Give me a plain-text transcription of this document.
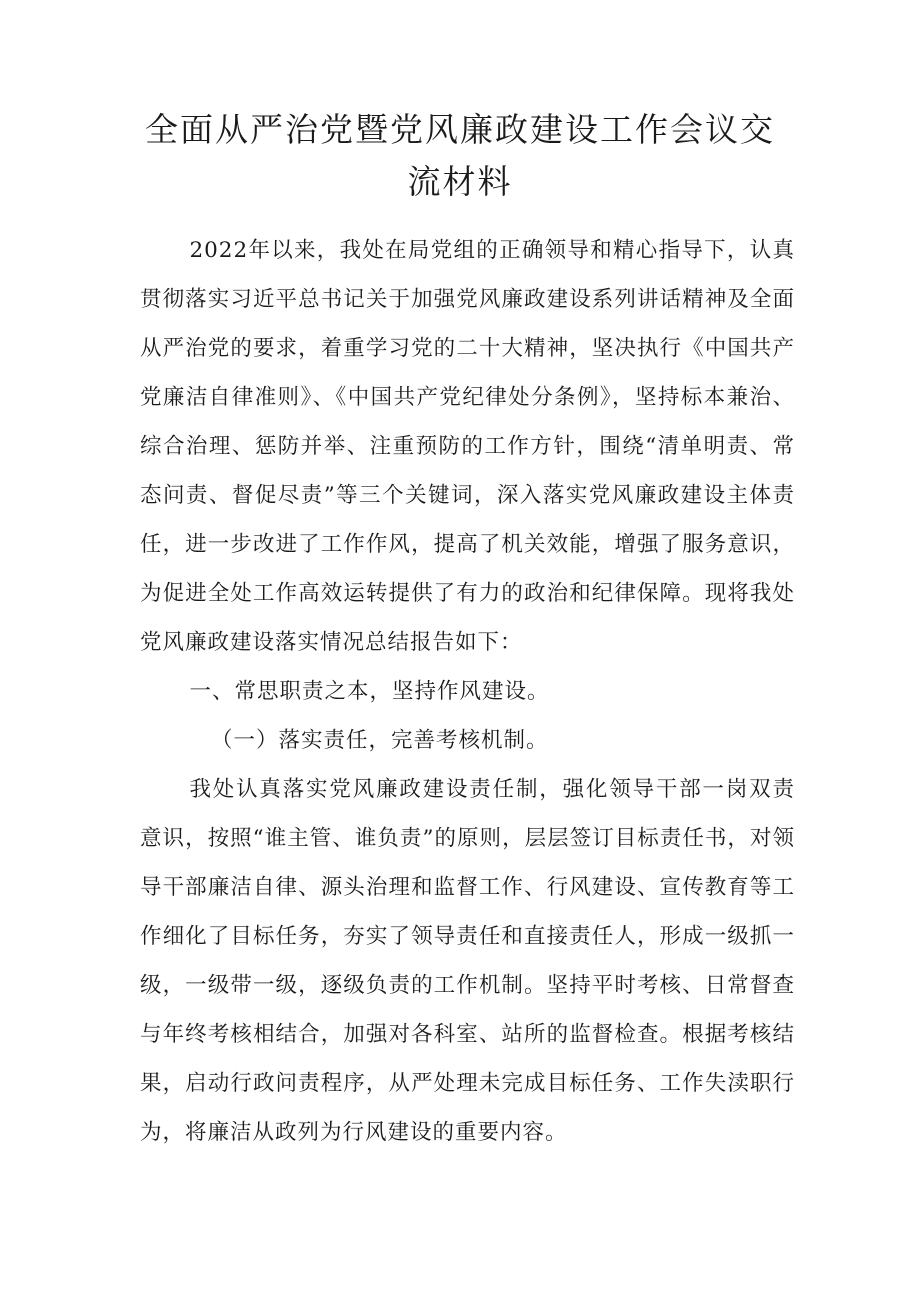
全面从严治党暨党风廉政建设工作会议交流材料

2022年以来，我处在局党组的正确领导和精心指导下，认真贯彻落实习近平总书记关于加强党风廉政建设系列讲话精神及全面从严治党的要求，着重学习党的二十大精神，坚决执行《中国共产党廉洁自律准则》、《中国共产党纪律处分条例》，坚持标本兼治、综合治理、惩防并举、注重预防的工作方针，围绕“清单明责、常态问责、督促尽责”等三个关键词，深入落实党风廉政建设主体责任，进一步改进了工作作风，提高了机关效能，增强了服务意识，为促进全处工作高效运转提供了有力的政治和纪律保障。现将我处党风廉政建设落实情况总结报告如下：

一、常思职责之本，坚持作风建设。

（一）落实责任，完善考核机制。

我处认真落实党风廉政建设责任制，强化领导干部一岗双责意识，按照“谁主管、谁负责”的原则，层层签订目标责任书，对领导干部廉洁自律、源头治理和监督工作、行风建设、宣传教育等工作细化了目标任务，夯实了领导责任和直接责任人，形成一级抓一级，一级带一级，逐级负责的工作机制。坚持平时考核、日常督查与年终考核相结合，加强对各科室、站所的监督检查。根据考核结果，启动行政问责程序，从严处理未完成目标任务、工作失渎职行为，将廉洁从政列为行风建设的重要内容。
